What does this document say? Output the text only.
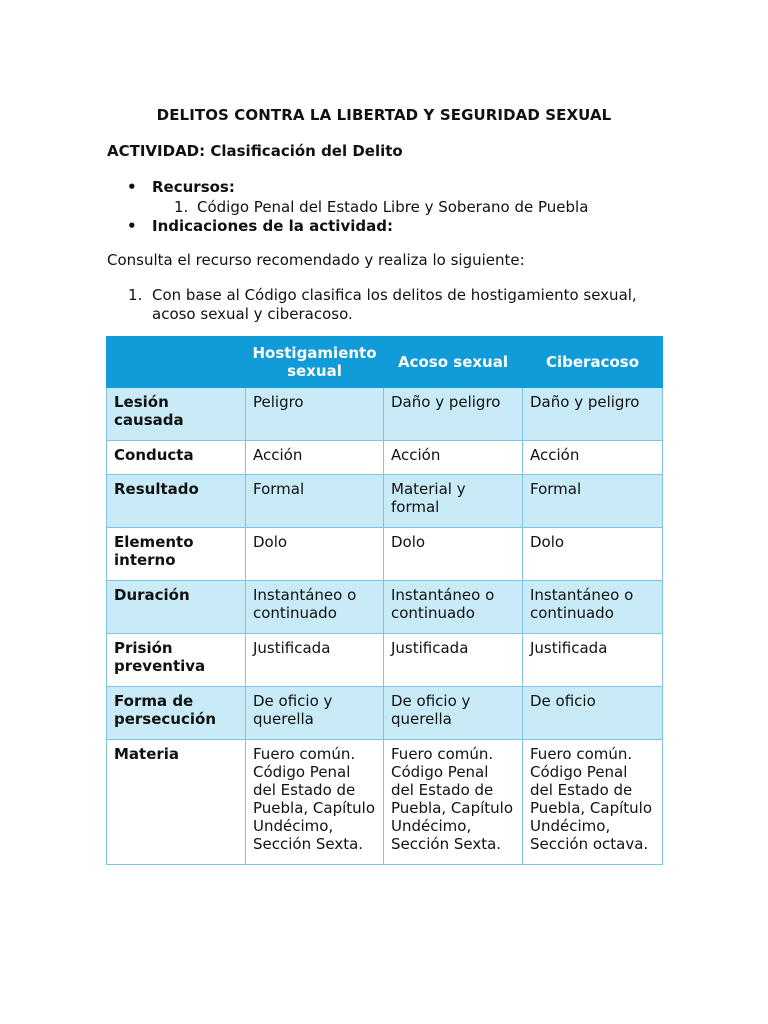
DELITOS CONTRA LA LIBERTAD Y SEGURIDAD SEXUAL
ACTIVIDAD: Clasificación del Delito
• Recursos:
1. Código Penal del Estado Libre y Soberano de Puebla
• Indicaciones de la actividad:
Consulta el recurso recomendado y realiza lo siguiente:
1. Con base al Código clasifica los delitos de hostigamiento sexual, acoso sexual y ciberacoso.
	Hostigamiento sexual	Acoso sexual	Ciberacoso
Lesión causada	Peligro	Daño y peligro	Daño y peligro
Conducta	Acción	Acción	Acción
Resultado	Formal	Material y formal	Formal
Elemento interno	Dolo	Dolo	Dolo
Duración	Instantáneo o continuado	Instantáneo o continuado	Instantáneo o continuado
Prisión preventiva	Justificada	Justificada	Justificada
Forma de persecución	De oficio y querella	De oficio y querella	De oficio
Materia	Fuero común. Código Penal del Estado de Puebla, Capítulo Undécimo, Sección Sexta.	Fuero común. Código Penal del Estado de Puebla, Capítulo Undécimo, Sección Sexta.	Fuero común. Código Penal del Estado de Puebla, Capítulo Undécimo, Sección octava.
